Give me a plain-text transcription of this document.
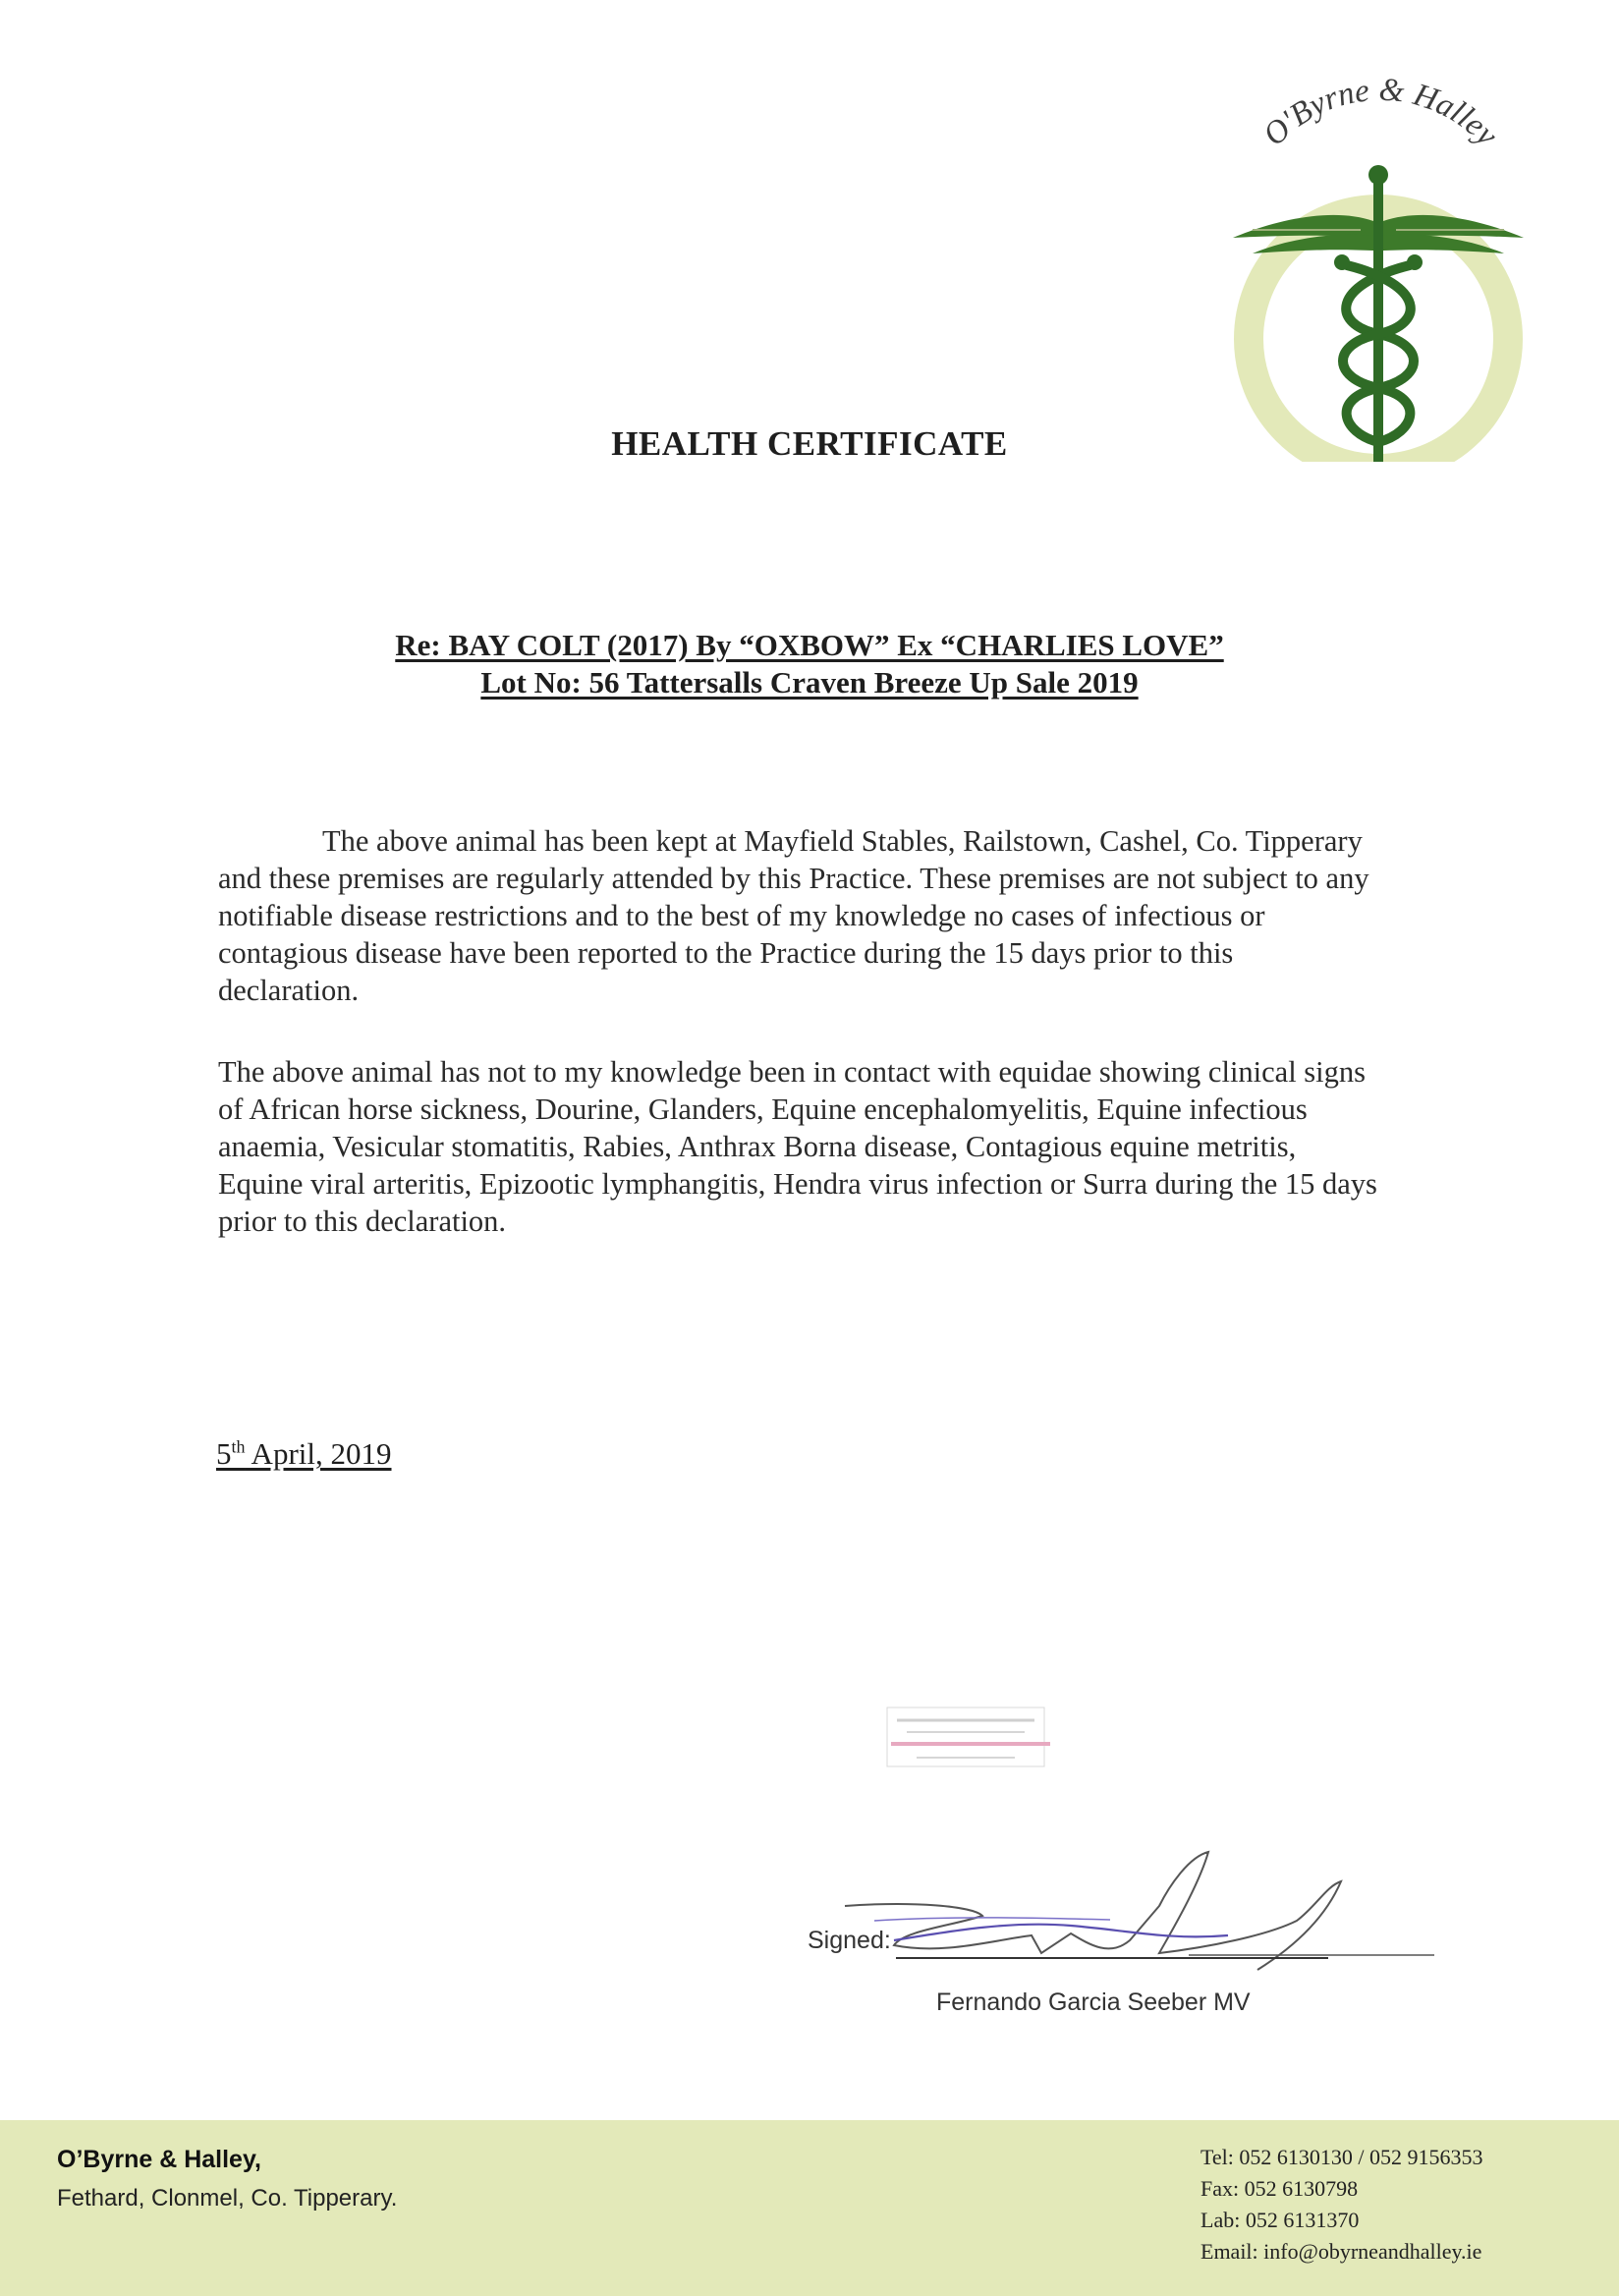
O'Byrne & Halley
HEALTH CERTIFICATE
Re: BAY COLT (2017) By “OXBOW” Ex “CHARLIES LOVE”
Lot No: 56 Tattersalls Craven Breeze Up Sale 2019

The above animal has been kept at Mayfield Stables, Railstown, Cashel, Co. Tipperary and these premises are regularly attended by this Practice. These premises are not subject to any notifiable disease restrictions and to the best of my knowledge no cases of infectious or contagious disease have been reported to the Practice during the 15 days prior to this declaration.

The above animal has not to my knowledge been in contact with equidae showing clinical signs of African horse sickness, Dourine, Glanders, Equine encephalomyelitis, Equine infectious anaemia, Vesicular stomatitis, Rabies, Anthrax Borna disease, Contagious equine metritis, Equine viral arteritis, Epizootic lymphangitis, Hendra virus infection or Surra during the 15 days prior to this declaration.

5th April, 2019
Signed:
Fernando Garcia Seeber MV
O’Byrne & Halley,
Fethard, Clonmel, Co. Tipperary.
Tel: 052 6130130 / 052 9156353
Fax: 052 6130798
Lab: 052 6131370
Email: info@obyrneandhalley.ie
